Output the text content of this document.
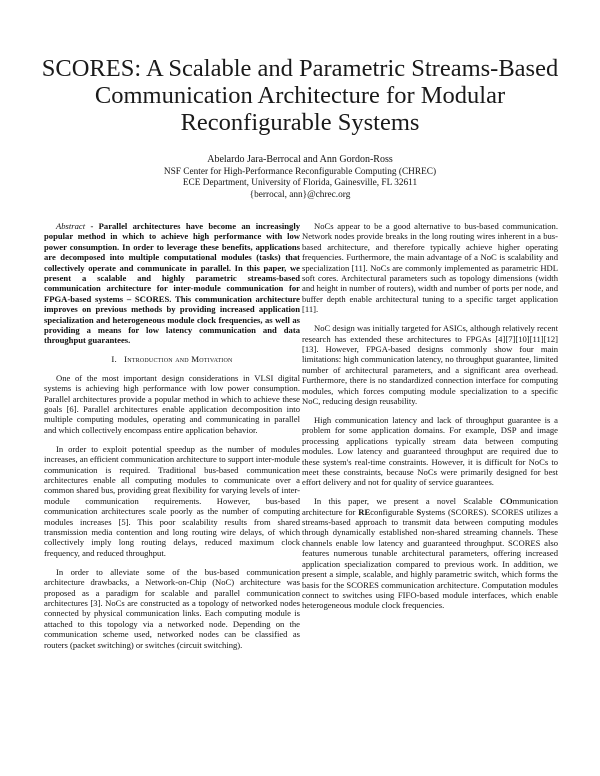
SCORES: A Scalable and Parametric Streams-Based
Communication Architecture for Modular
Reconfigurable Systems
Abelardo Jara-Berrocal and Ann Gordon-Ross
NSF Center for High-Performance Reconfigurable Computing (CHREC)
ECE Department, University of Florida, Gainesville, FL 32611
{berrocal, ann}@chrec.org

Abstract - Parallel architectures have become an increasingly popular method in which to achieve high performance with low power consumption. In order to leverage these benefits, applications are decomposed into multiple computational modules (tasks) that collectively operate and communicate in parallel. In this paper, we present a scalable and highly parametric streams-based communication architecture for inter-module communication for FPGA-based systems – SCORES. This communication architecture improves on previous methods by providing increased application specialization and heterogeneous module clock frequencies, as well as providing a means for low latency communication and data throughput guarantees.

I. Introduction and Motivation

One of the most important design considerations in VLSI digital systems is achieving high performance with low power consumption. Parallel architectures provide a popular method in which to achieve these goals [6]. Parallel architectures enable application decomposition into multiple computing modules, operating and communicating in parallel and which collectively encompass entire application behavior.

In order to exploit potential speedup as the number of modules increases, an efficient communication architecture to support inter-module communication is required. Traditional bus-based communication architectures enable all computing modules to communicate over a common shared bus, providing great flexibility for varying levels of inter-module communication requirements. However, bus-based communication architectures scale poorly as the number of computing modules increases [5]. This poor scalability results from shared transmission media contention and long routing wire delays, of which collectively imply long routing delays, reduced maximum clock frequency, and reduced throughput.

In order to alleviate some of the bus-based communication architecture drawbacks, a Network-on-Chip (NoC) architecture was proposed as a paradigm for scalable and parallel communication architectures [3]. NoCs are constructed as a topology of networked nodes connected by physical communication links. Each computing module is attached to this topology via a networked node. Depending on the communication scheme used, networked nodes can be classified as routers (packet switching) or switches (circuit switching).

NoCs appear to be a good alternative to bus-based communication. Network nodes provide breaks in the long routing wires inherent in a bus-based architecture, and therefore typically achieve higher operating frequencies. Furthermore, the main advantage of a NoC is scalability and specialization [11]. NoCs are commonly implemented as parametric HDL soft cores. Architectural parameters such as topology dimensions (width and height in number of routers), width and number of ports per node, and buffer depth enable architectural tuning to a specific target application [11].

NoC design was initially targeted for ASICs, although relatively recent research has extended these architectures to FPGAs [4][7][10][11][12][13]. However, FPGA-based designs commonly show four main limitations: high communication latency, no throughput guarantee, limited number of architectural parameters, and a significant area overhead. Furthermore, there is no standardized connection interface for computing modules, which forces computing module specialization to a specific NoC, reducing design reusability.

High communication latency and lack of throughput guarantee is a problem for some application domains. For example, DSP and image processing applications typically stream data between computing modules. Low latency and guaranteed throughput are required due to these system's real-time constraints. However, it is difficult for NoCs to meet these constraints, because NoCs were primarily designed for best effort delivery and not for quality of service guarantees.

In this paper, we present a novel Scalable COmmunication architecture for REconfigurable Systems (SCORES). SCORES utilizes a streams-based approach to transmit data between computing modules through dynamically established non-shared streaming channels. These channels enable low latency and guaranteed throughput. SCORES also features numerous tunable architectural parameters, offering increased application specialization compared to previous work. In addition, we present a simple, scalable, and highly parametric switch, which forms the basis for the SCORES communication architecture. Computation modules connect to switches using FIFO-based module interfaces, which enable heterogeneous module clock frequencies.
